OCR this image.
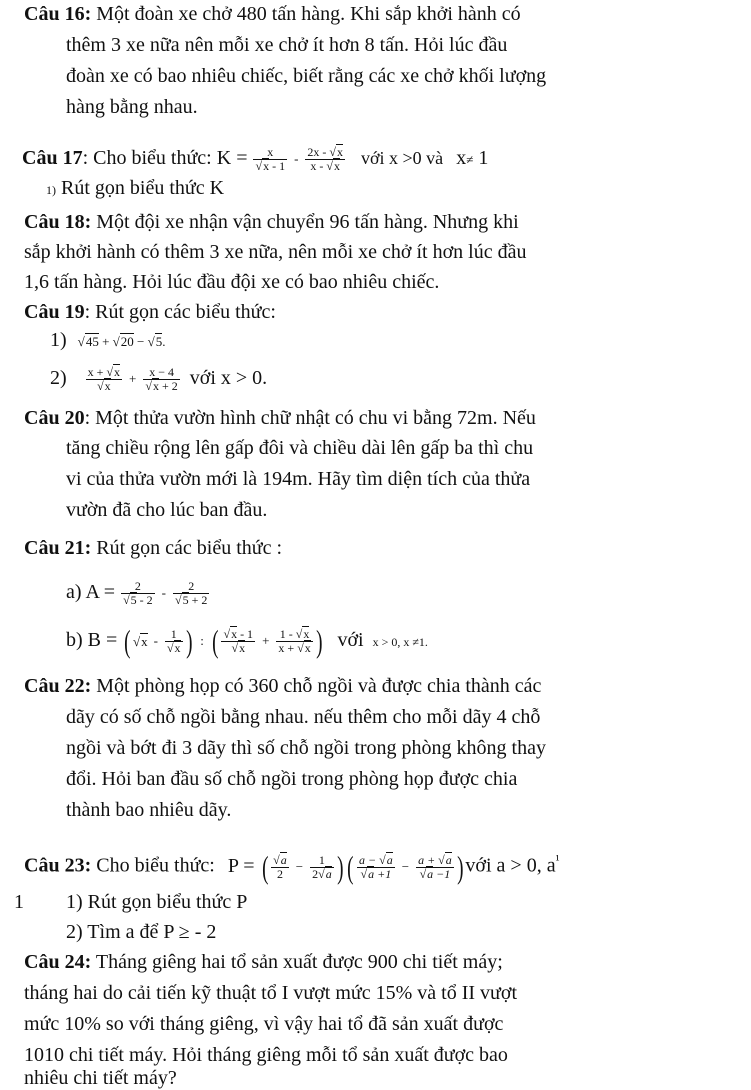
Câu 16: Một đoàn xe chở 480 tấn hàng. Khi sắp khởi hành có
thêm 3 xe nữa nên mỗi xe chở ít hơn 8 tấn. Hỏi lúc đầu
đoàn xe có bao nhiêu chiếc, biết rằng các xe chở khối lượng
hàng bằng nhau.
Câu 17: Cho biểu thức: $K = \frac{x}{√x - 1} - \frac{2x - √x}{x - √x}$ với x >0 và x≠ 1
1) Rút gọn biểu thức K
Câu 18: Một đội xe nhận vận chuyển 96 tấn hàng. Nhưng khi
sắp khởi hành có thêm 3 xe nữa, nên mỗi xe chở ít hơn lúc đầu
1,6 tấn hàng. Hỏi lúc đầu đội xe có bao nhiêu chiếc.
Câu 19: Rút gọn các biểu thức:
1) √45 + √20 − √5.
$2) \frac{x + √x}{√x} + \frac{x - 4}{√x + 2}$ với x > 0.
Câu 20: Một thửa vườn hình chữ nhật có chu vi bằng 72m. Nếu
tăng chiều rộng lên gấp đôi và chiều dài lên gấp ba thì chu
vi của thửa vườn mới là 194m. Hãy tìm diện tích của thửa
vườn đã cho lúc ban đầu.
Câu 21: Rút gọn các biểu thức :
a) $A = \frac{2}{√5 - 2} - \frac{2}{√5 + 2}$
b) B = ( $√x - \frac{1}{√x}$ ) : ( $\frac{√x - 1}{√x} + \frac{1 - √x}{x + √x}$ ) với x > 0, x ≠1.
Câu 22: Một phòng họp có 360 chỗ ngồi và được chia thành các
dãy có số chỗ ngồi bằng nhau. nếu thêm cho mỗi dãy 4 chỗ
ngồi và bớt đi 3 dãy thì số chỗ ngồi trong phòng không thay
đổi. Hỏi ban đầu số chỗ ngồi trong phòng họp được chia
thành bao nhiêu dãy.
Câu 23: Cho biểu thức: P = ( $\frac{√a}{2} - \frac{1}{2√a}$ ) ( $\frac{a - √a}{√a +1} - \frac{a + √a}{√a -1}$ ) với a > 0, $a^{^1}$
1 1) Rút gọn biểu thức P
2) Tìm a để P ≥ - 2
Câu 24: Tháng giêng hai tổ sản xuất được 900 chi tiết máy;
tháng hai do cải tiến kỹ thuật tổ I vượt mức 15% và tổ II vượt
mức 10% so với tháng giêng, vì vậy hai tổ đã sản xuất được
1010 chi tiết máy. Hỏi tháng giêng mỗi tổ sản xuất được bao
nhiêu chi tiết máy?
